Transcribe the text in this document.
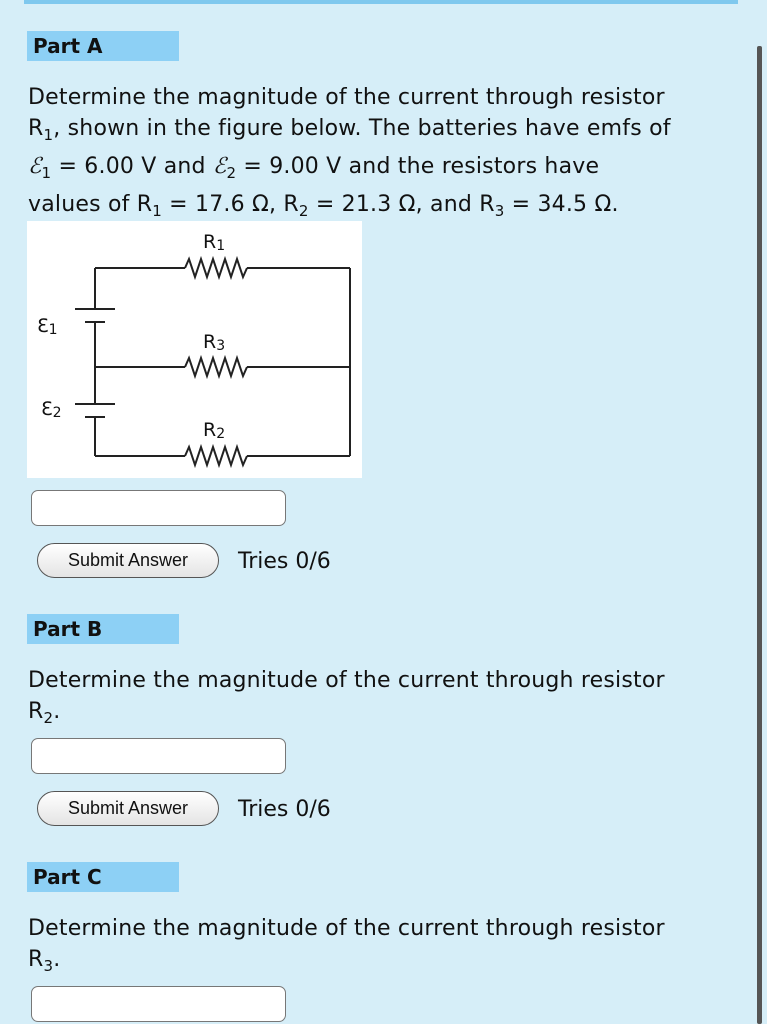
Part A

Determine the magnitude of the current through resistor
$R_1$, shown in the figure below. The batteries have emfs of
ℰ$_1$ = 6.00 V and ℰ$_2$ = 9.00 V and the resistors have
values of $R_1 = 17.6$ Ω, $R_2 = 21.3$ Ω, and $R_3 = 34.5$ Ω.

R1
R3
R2
Ɛ1
Ɛ2
Submit Answer	Tries 0/6
Part B

Determine the magnitude of the current through resistor
$R_2$.

Submit Answer	Tries 0/6
Part C

Determine the magnitude of the current through resistor
$R_3$.
